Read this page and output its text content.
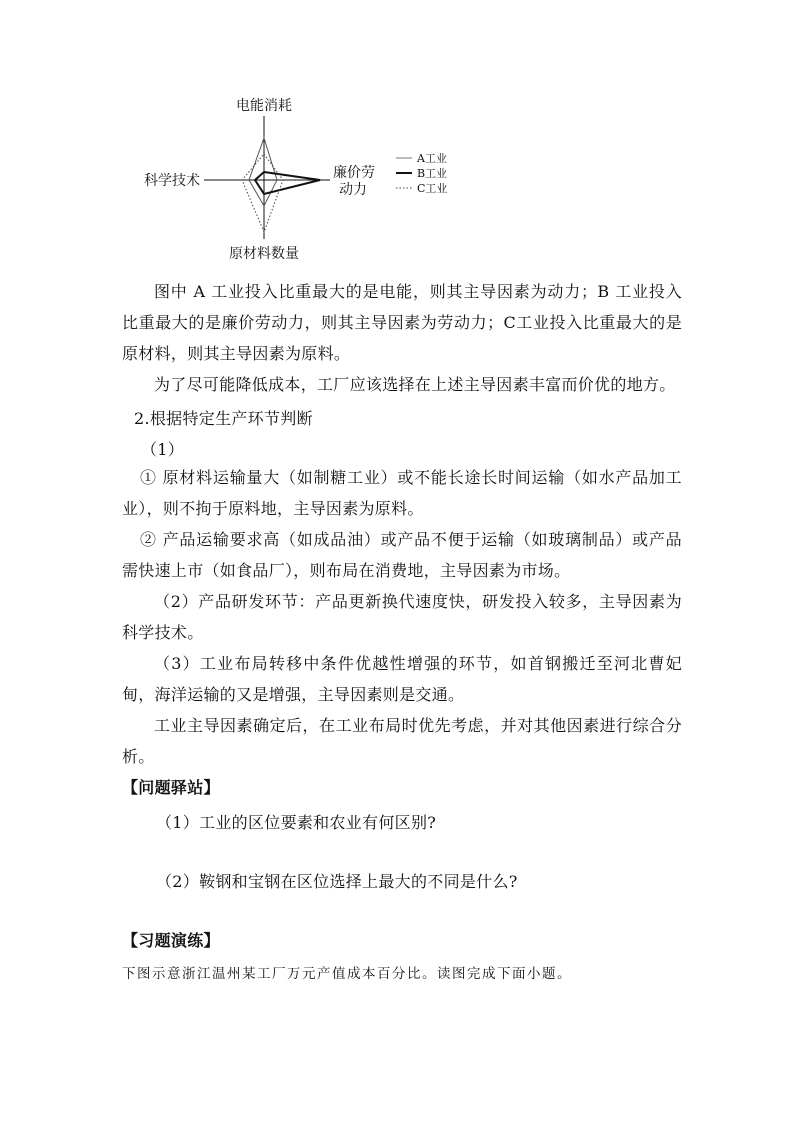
电能消耗
科学技术	廉价劳
动力
原材料数量
A工业
B工业
C工业

图中 A 工业投入比重最大的是电能，则其主导因素为动力；B 工业投入比重最大的是廉价劳动力，则其主导因素为劳动力；C工业投入比重最大的是原材料，则其主导因素为原料。

为了尽可能降低成本，工厂应该选择在上述主导因素丰富而价优的地方。

2.根据特定生产环节判断

（1）

① 原材料运输量大（如制糖工业）或不能长途长时间运输（如水产品加工业），则不拘于原料地，主导因素为原料。

② 产品运输要求高（如成品油）或产品不便于运输（如玻璃制品）或产品需快速上市（如食品厂），则布局在消费地，主导因素为市场。

（2）产品研发环节：产品更新换代速度快，研发投入较多，主导因素为科学技术。

（3）工业布局转移中条件优越性增强的环节，如首钢搬迁至河北曹妃甸，海洋运输的又是增强，主导因素则是交通。

工业主导因素确定后，在工业布局时优先考虑，并对其他因素进行综合分析。

【问题驿站】

（1）工业的区位要素和农业有何区别?

（2）鞍钢和宝钢在区位选择上最大的不同是什么?

【习题演练】

下图示意浙江温州某工厂万元产值成本百分比。读图完成下面小题。
